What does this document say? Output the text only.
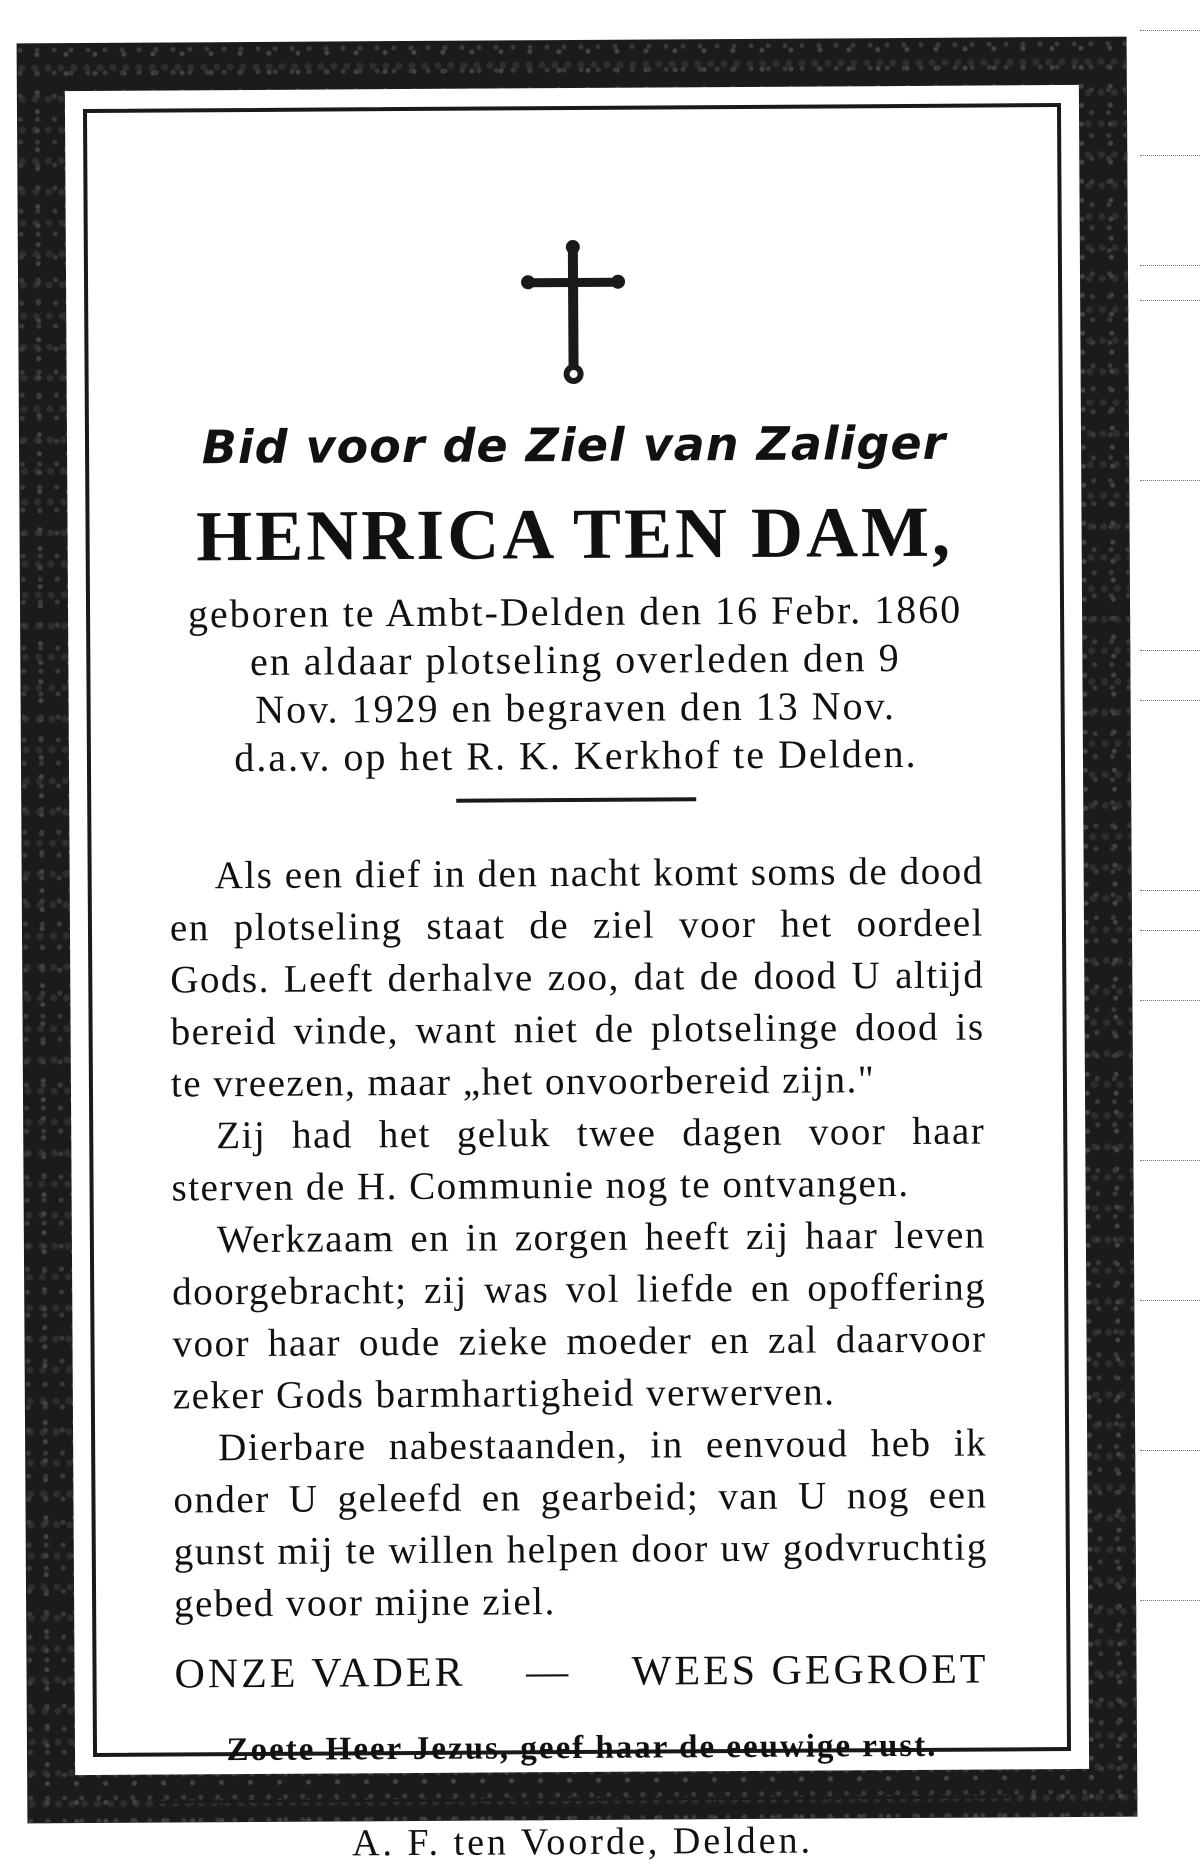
Bid voor de Ziel van Zaliger
HENRICA TEN DAM,
geboren te Ambt-Delden den 16 Febr. 1860
en aldaar plotseling overleden den 9
Nov. 1929 en begraven den 13 Nov.
d.a.v. op het R. K. Kerkhof te Delden.

Als een dief in den nacht komt soms de dood en plotseling staat de ziel voor het oordeel Gods. Leeft derhalve zoo, dat de dood U altijd bereid vinde, want niet de plotselinge dood is te vreezen, maar „het onvoorbereid zijn."

Zij had het geluk twee dagen voor haar sterven de H. Communie nog te ontvangen.

Werkzaam en in zorgen heeft zij haar leven doorgebracht; zij was vol liefde en opoffering voor haar oude zieke moeder en zal daarvoor zeker Gods barmhartigheid verwerven.

Dierbare nabestaanden, in eenvoud heb ik onder U geleefd en gearbeid; van U nog een gunst mij te willen helpen door uw godvruchtig gebed voor mijne ziel.

ONZE VADER — WEES GEGROET
Zoete Heer Jezus, geef haar de eeuwige rust.
A. F. ten Voorde, Delden.
